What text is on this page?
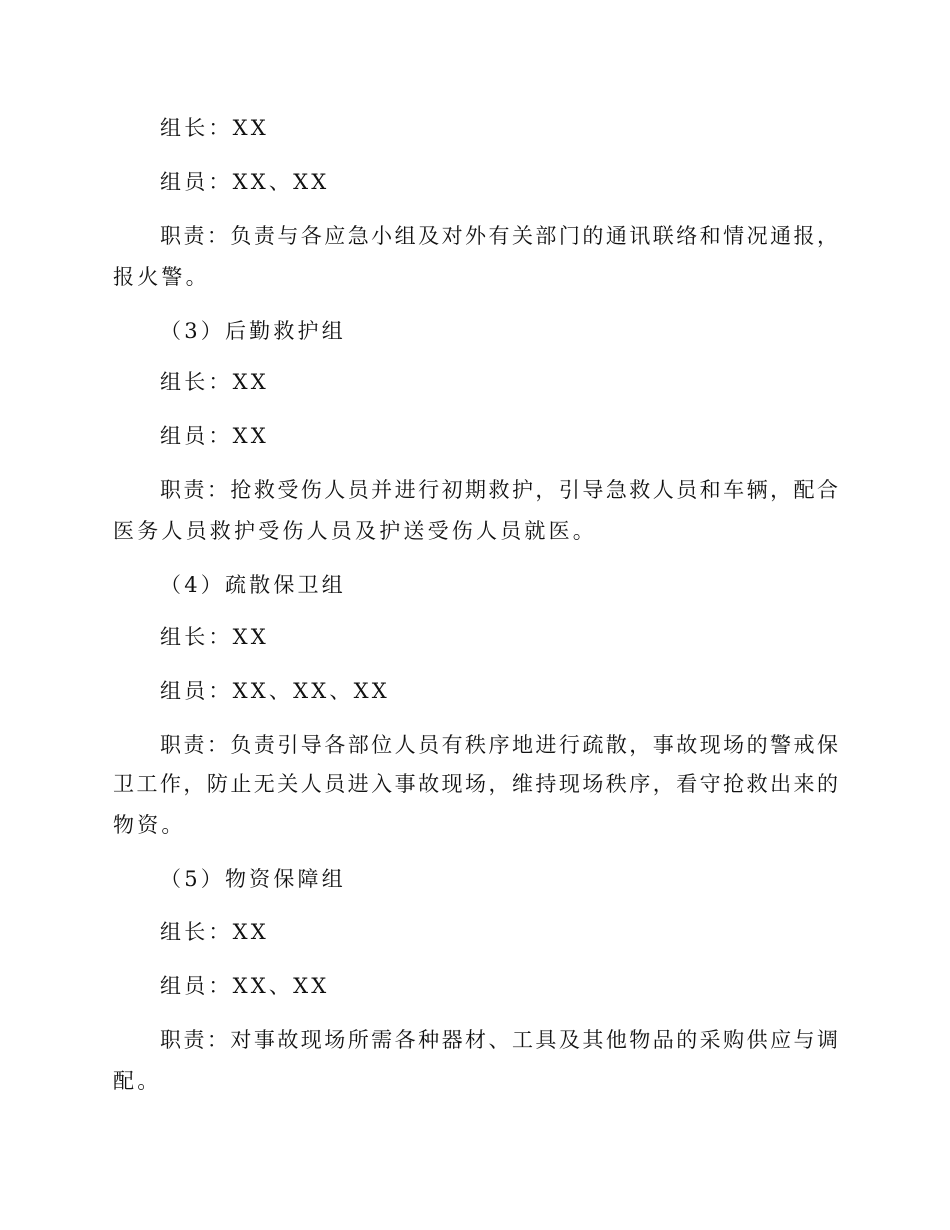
组长：XX
组员：XX、XX
职责：负责与各应急小组及对外有关部门的通讯联络和情况通报，
报火警。
（3）后勤救护组
组长：XX
组员：XX
职责：抢救受伤人员并进行初期救护，引导急救人员和车辆，配合
医务人员救护受伤人员及护送受伤人员就医。
（4）疏散保卫组
组长：XX
组员：XX、XX、XX
职责：负责引导各部位人员有秩序地进行疏散，事故现场的警戒保
卫工作，防止无关人员进入事故现场，维持现场秩序，看守抢救出来的
物资。
（5）物资保障组
组长：XX
组员：XX、XX
职责：对事故现场所需各种器材、工具及其他物品的采购供应与调
配。
